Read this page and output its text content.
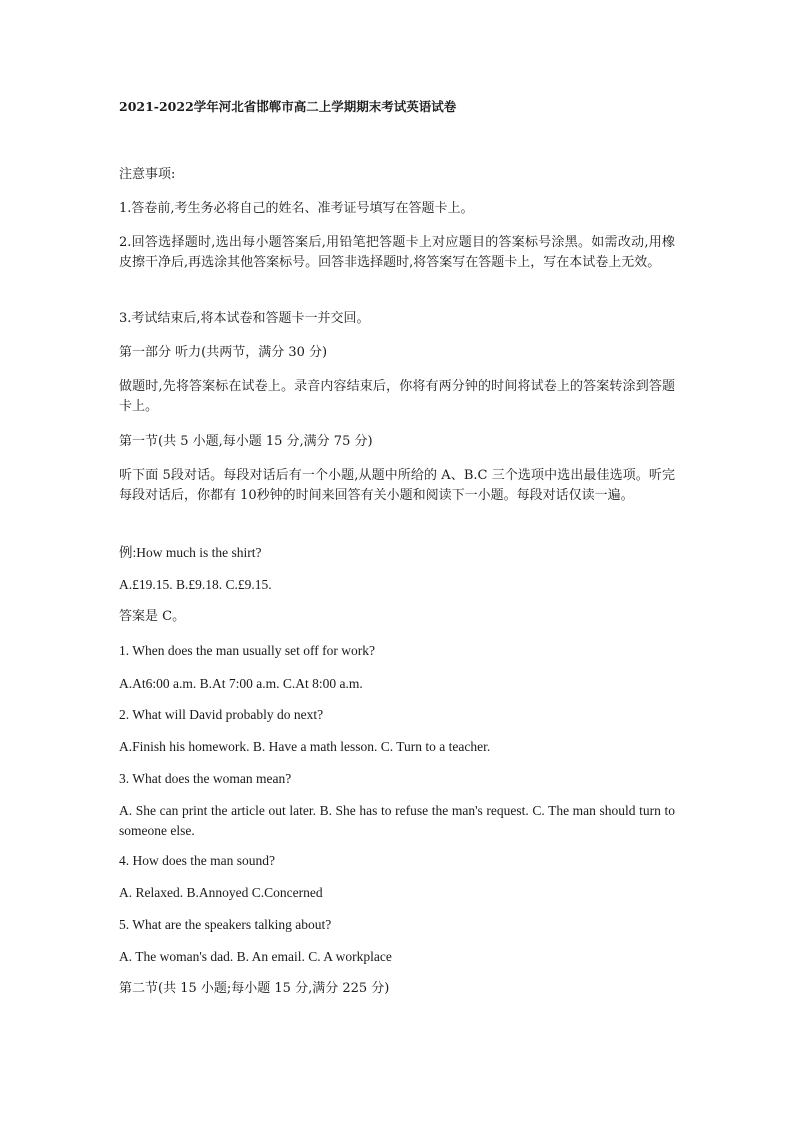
2021-2022学年河北省邯郸市高二上学期期末考试英语试卷

注意事项:

1.答卷前,考生务必将自己的姓名、准考证号填写在答题卡上。

2.回答选择题时,选出每小题答案后,用铅笔把答题卡上对应题目的答案标号涂黑。如需改动,用橡皮擦干净后,再选涂其他答案标号。回答非选择题时,将答案写在答题卡上，写在本试卷上无效。

3.考试结束后,将本试卷和答题卡一并交回。

第一部分 听力(共两节，满分 30 分)

做题时,先将答案标在试卷上。录音内容结束后，你将有两分钟的时间将试卷上的答案转涂到答题卡上。

第一节(共 5 小题,每小题 15 分,满分 75 分)

听下面 5段对话。每段对话后有一个小题,从题中所给的 A、B.C 三个选项中选出最佳选项。听完每段对话后，你都有 10秒钟的时间来回答有关小题和阅读下一小题。每段对话仅读一遍。

例:How much is the shirt?

A.£19.15. B.£9.18. C.£9.15.

答案是 C。

1. When does the man usually set off for work?

A.At6:00 a.m. B.At 7:00 a.m. C.At 8:00 a.m.

2. What will David probably do next?

A.Finish his homework. B. Have a math lesson. C. Turn to a teacher.

3. What does the woman mean?

A. She can print the article out later. B. She has to refuse the man's request. C. The man should turn to someone else.

4. How does the man sound?

A. Relaxed. B.Annoyed C.Concerned

5. What are the speakers talking about?

A. The woman's dad. B. An email. C. A workplace

第二节(共 15 小题;每小题 15 分,满分 225 分)
